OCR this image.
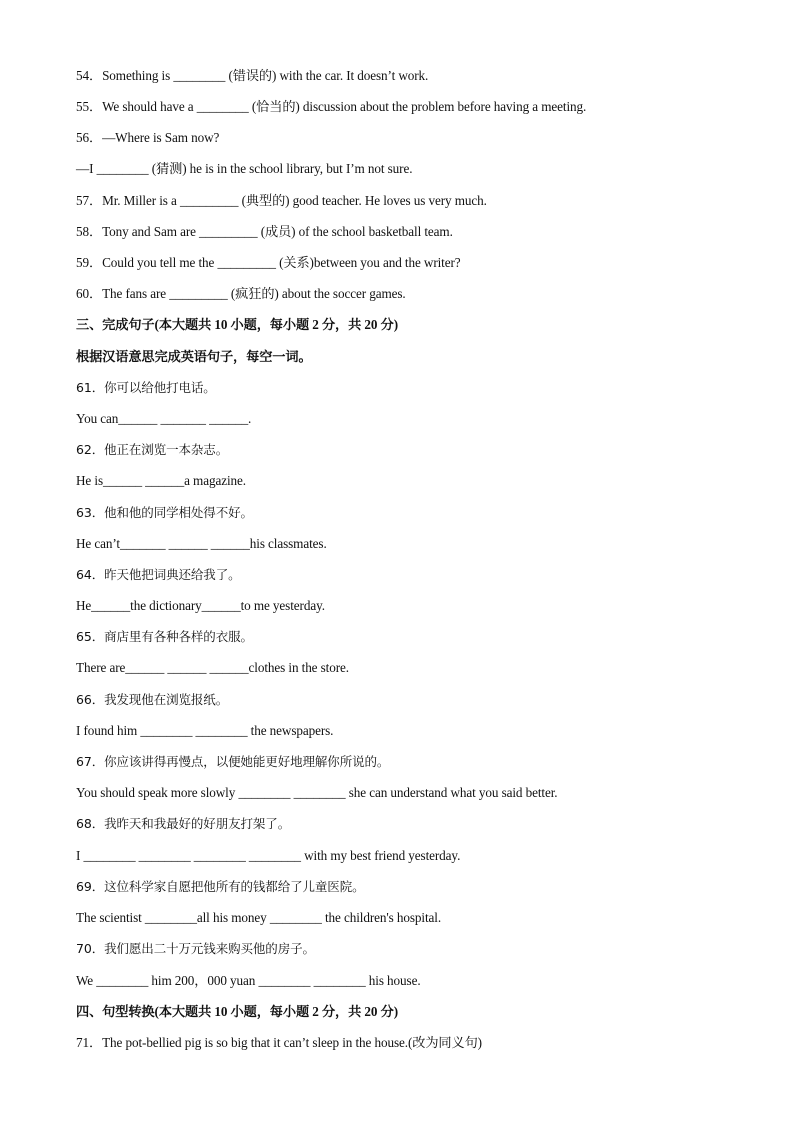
54．Something is ________ (错误的) with the car. It doesn’t work.
55．We should have a ________ (恰当的) discussion about the problem before having a meeting.
56．—Where is Sam now?
—I ________ (猜测) he is in the school library, but I’m not sure.
57．Mr. Miller is a _________ (典型的) good teacher. He loves us very much.
58．Tony and Sam are _________ (成员) of the school basketball team.
59．Could you tell me the _________ (关系)between you and the writer?
60．The fans are _________ (疯狂的) about the soccer games.
三、完成句子(本大题共 10 小题，每小题 2 分，共 20 分)
根据汉语意思完成英语句子，每空一词。
61．你可以给他打电话。
You can______ _______ ______.
62．他正在浏览一本杂志。
He is______ ______a magazine.
63．他和他的同学相处得不好。
He can’t_______ ______ ______his classmates.
64．昨天他把词典还给我了。
He______the dictionary______to me yesterday.
65．商店里有各种各样的衣服。
There are______ ______ ______clothes in the store.
66．我发现他在浏览报纸。
I found him ________ ________ the newspapers.
67．你应该讲得再慢点，以便她能更好地理解你所说的。
You should speak more slowly ________ ________ she can understand what you said better.
68．我昨天和我最好的好朋友打架了。
I ________ ________ ________ ________ with my best friend yesterday.
69．这位科学家自愿把他所有的钱都给了儿童医院。
The scientist ________all his money ________ the children's hospital.
70．我们愿出二十万元钱来购买他的房子。
We ________ him 200，000 yuan ________ ________ his house.
四、句型转换(本大题共 10 小题，每小题 2 分，共 20 分)
71．The pot-bellied pig is so big that it can’t sleep in the house.(改为同义句)
